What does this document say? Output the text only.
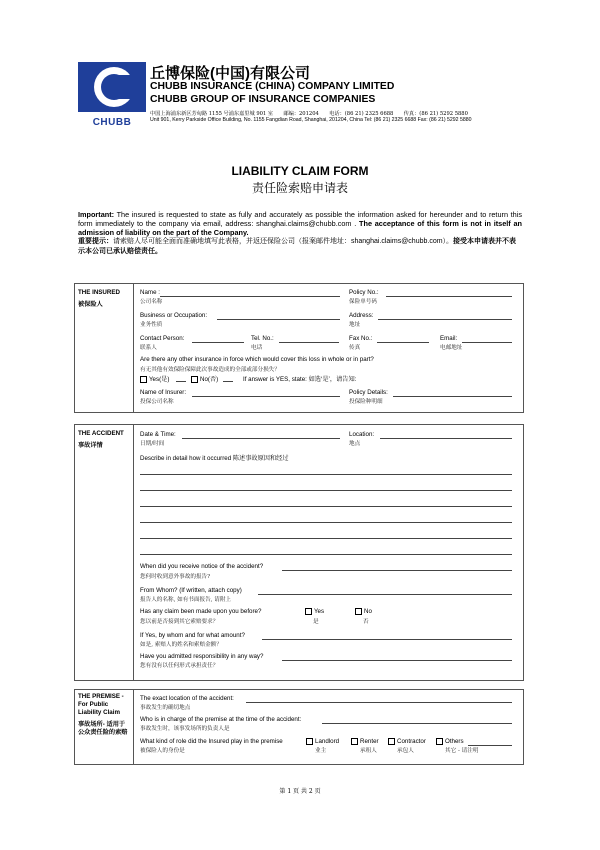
CHUBB
丘博保险(中国)有限公司
CHUBB INSURANCE (CHINA) COMPANY LIMITED
CHUBB GROUP OF INSURANCE COMPANIES
中国上海浦东新区芳甸路 1155 号浦东嘉里城 901 室　　邮编：201204　　电话：(86 21) 2325 6688　　传真：(86 21) 5292 5880
Unit 901, Kerry Parkside Office Building, No. 1155 Fangdian Road, Shanghai, 201204, China Tel: (86 21) 2325 6688 Fax: (86 21) 5292 5880
LIABILITY CLAIM FORM
责任险索赔申请表
Important: The insured is requested to state as fully and accurately as possible the information asked for hereunder and to return this form immediately to the company via email, address: shanghai.claims@chubb.com . The acceptance of this form is not in itself an admission of liability on the part of the Company.
重要提示：请索赔人尽可能全面而准确地填写此表格，并返还保险公司（报案邮件地址：shanghai.claims@chubb.com）。接受本申请表并不表示本公司已承认赔偿责任。
THE INSURED
被保险人
Name :
公司名称
Policy No.:
保险单号码
Business or Occupation:
业务性质
Address:
地址
Contact Person:
联系人
Tel. No.:
电话
Fax No.:
传真
Email:
电邮地址
Are there any other insurance in force which would cover this loss in whole or in part?
有无其他有效保险保障此次事故造成的全部或部分损失？
Yes(是)	No(否)	If answer is YES, state: 如选‘是’，请告知:
Name of Insurer:
投保公司名称
Policy Details:
投保险种明细
THE ACCIDENT
事故详情
Date & Time:
日期/时间
Location:
地点
Describe in detail how it occurred 陈述事故原因和经过
When did you receive notice of the accident?
您何时收到意外事故的报告?
From Whom? (If written, attach copy)
报告人的名称, 如有书面报告, 请附上
Has any claim been made upon you before?
您以前是否接到其它索赔要求？
Yes
是
No
否
If Yes, by whom and for what amount?
如是, 索赔人的姓名和索赔金额？
Have you admitted responsibility in any way?
您有没有以任何形式承担责任？
THE PREMISE - For Public Liability Claim
事故场所- 适用于公众责任险的索赔
The exact location of the accident:
事故发生的确切地点
Who is in charge of the premise at the time of the accident:
事故发生时，该事发场所的负责人是
What kind of role did the Insured play in the premise
被保险人的身份是
Landlord
业主
Renter
承租人
Contractor
承包人
Others
其它 - 请注明
第 1 页 共 2 页
